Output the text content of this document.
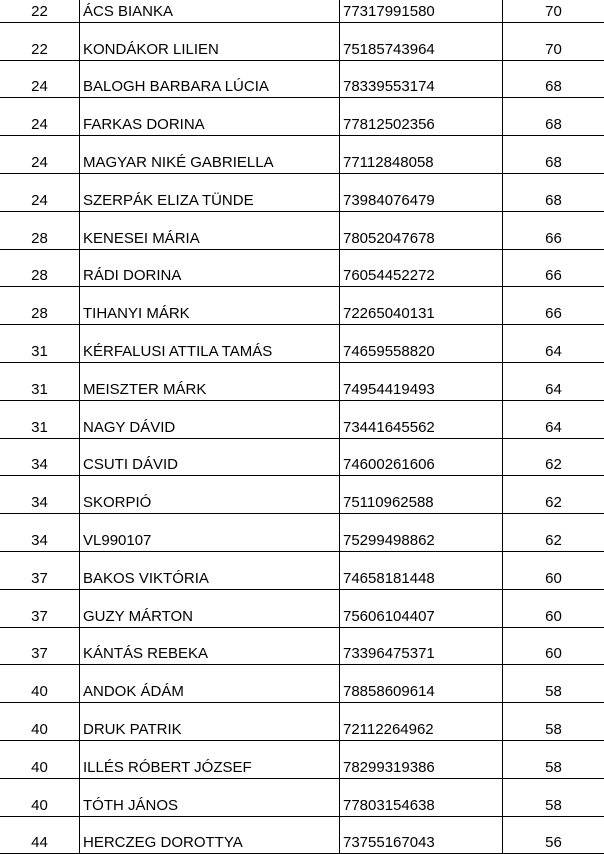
22	ÁCS BIANKA	77317991580	70
22	KONDÁKOR LILIEN	75185743964	70
24	BALOGH BARBARA LÚCIA	78339553174	68
24	FARKAS DORINA	77812502356	68
24	MAGYAR NIKÉ GABRIELLA	77112848058	68
24	SZERPÁK ELIZA TÜNDE	73984076479	68
28	KENESEI MÁRIA	78052047678	66
28	RÁDI DORINA	76054452272	66
28	TIHANYI MÁRK	72265040131	66
31	KÉRFALUSI ATTILA TAMÁS	74659558820	64
31	MEISZTER MÁRK	74954419493	64
31	NAGY DÁVID	73441645562	64
34	CSUTI DÁVID	74600261606	62
34	SKORPIÓ	75110962588	62
34	VL990107	75299498862	62
37	BAKOS VIKTÓRIA	74658181448	60
37	GUZY MÁRTON	75606104407	60
37	KÁNTÁS REBEKA	73396475371	60
40	ANDOK ÁDÁM	78858609614	58
40	DRUK PATRIK	72112264962	58
40	ILLÉS RÓBERT JÓZSEF	78299319386	58
40	TÓTH JÁNOS	77803154638	58
44	HERCZEG DOROTTYA	73755167043	56
